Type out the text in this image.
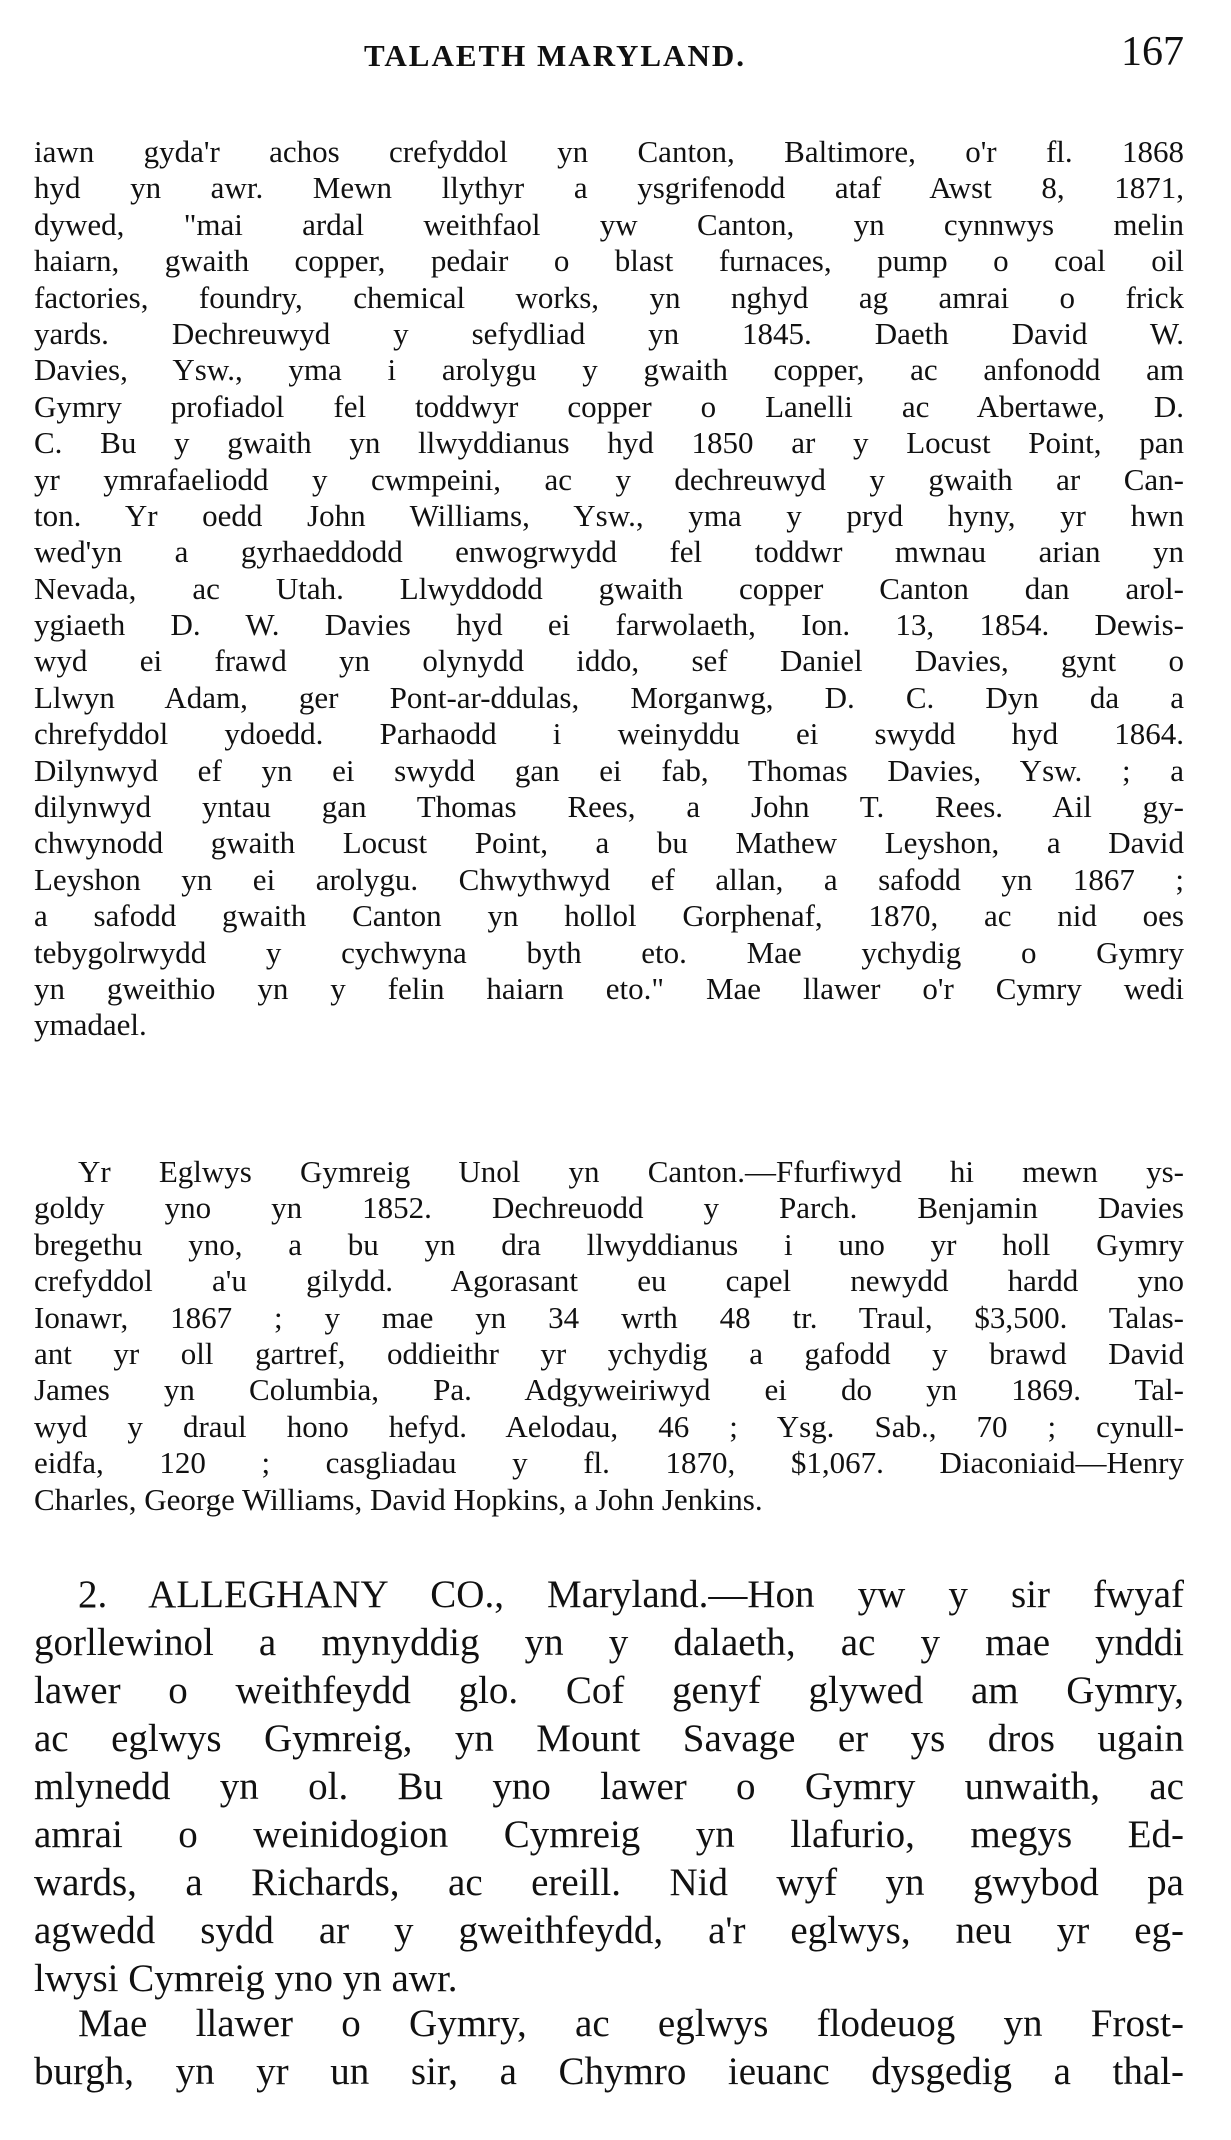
TALAETH MARYLAND.	167
iawn gyda'r achos crefyddol yn Canton, Baltimore, o'r fl. 1868
hyd yn awr. Mewn llythyr a ysgrifenodd ataf Awst 8, 1871,
dywed, "mai ardal weithfaol yw Canton, yn cynnwys melin
haiarn, gwaith copper, pedair o blast furnaces, pump o coal oil
factories, foundry, chemical works, yn nghyd ag amrai o frick
yards. Dechreuwyd y sefydliad yn 1845. Daeth David W.
Davies, Ysw., yma i arolygu y gwaith copper, ac anfonodd am
Gymry profiadol fel toddwyr copper o Lanelli ac Abertawe, D.
C. Bu y gwaith yn llwyddianus hyd 1850 ar y Locust Point, pan
yr ymrafaeliodd y cwmpeini, ac y dechreuwyd y gwaith ar Can-
ton. Yr oedd John Williams, Ysw., yma y pryd hyny, yr hwn
wed'yn a gyrhaeddodd enwogrwydd fel toddwr mwnau arian yn
Nevada, ac Utah. Llwyddodd gwaith copper Canton dan arol-
ygiaeth D. W. Davies hyd ei farwolaeth, Ion. 13, 1854. Dewis-
wyd ei frawd yn olynydd iddo, sef Daniel Davies, gynt o
Llwyn Adam, ger Pont-ar-ddulas, Morganwg, D. C. Dyn da a
chrefyddol ydoedd. Parhaodd i weinyddu ei swydd hyd 1864.
Dilynwyd ef yn ei swydd gan ei fab, Thomas Davies, Ysw. ; a
dilynwyd yntau gan Thomas Rees, a John T. Rees. Ail gy-
chwynodd gwaith Locust Point, a bu Mathew Leyshon, a David
Leyshon yn ei arolygu. Chwythwyd ef allan, a safodd yn 1867 ;
a safodd gwaith Canton yn hollol Gorphenaf, 1870, ac nid oes
tebygolrwydd y cychwyna byth eto. Mae ychydig o Gymry
yn gweithio yn y felin haiarn eto." Mae llawer o'r Cymry wedi
ymadael.
Yr Eglwys Gymreig Unol yn Canton.—Ffurfiwyd hi mewn ys-
goldy yno yn 1852. Dechreuodd y Parch. Benjamin Davies
bregethu yno, a bu yn dra llwyddianus i uno yr holl Gymry
crefyddol a'u gilydd. Agorasant eu capel newydd hardd yno
Ionawr, 1867 ; y mae yn 34 wrth 48 tr. Traul, $3,500. Talas-
ant yr oll gartref, oddieithr yr ychydig a gafodd y brawd David
James yn Columbia, Pa. Adgyweiriwyd ei do yn 1869. Tal-
wyd y draul hono hefyd. Aelodau, 46 ; Ysg. Sab., 70 ; cynull-
eidfa, 120 ; casgliadau y fl. 1870, $1,067. Diaconiaid—Henry
Charles, George Williams, David Hopkins, a John Jenkins.
2. ALLEGHANY CO., Maryland.—Hon yw y sir fwyaf
gorllewinol a mynyddig yn y dalaeth, ac y mae ynddi
lawer o weithfeydd glo. Cof genyf glywed am Gymry,
ac eglwys Gymreig, yn Mount Savage er ys dros ugain
mlynedd yn ol. Bu yno lawer o Gymry unwaith, ac
amrai o weinidogion Cymreig yn llafurio, megys Ed-
wards, a Richards, ac ereill. Nid wyf yn gwybod pa
agwedd sydd ar y gweithfeydd, a'r eglwys, neu yr eg-
lwysi Cymreig yno yn awr.
Mae llawer o Gymry, ac eglwys flodeuog yn Frost-
burgh, yn yr un sir, a Chymro ieuanc dysgedig a thal-
